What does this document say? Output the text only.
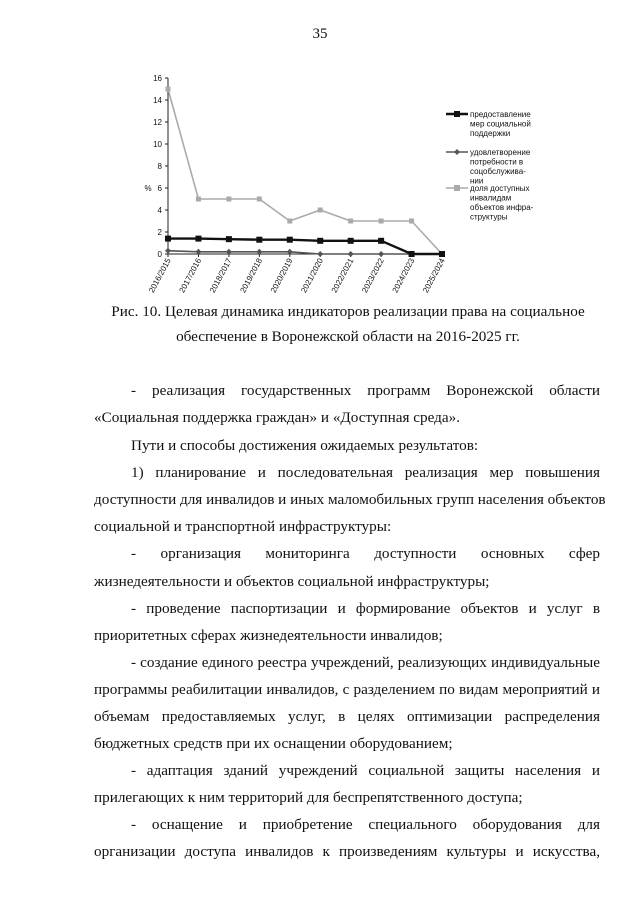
35
0
2
4
6
8
10
12
14
16
%
2016/2015 2017/2016 2018/2017 2019/2018 2020/2019 2021/2020 2022/2021 2023/2022 2024/2023 2025/2024
предоставление
мер социальной
поддержки
удовлетворение
потребности в
соцобслужива-
нии
доля доступных
инвалидам
объектов инфра-
структуры
Рис. 10. Целевая динамика индикаторов реализации права на социальное
обеспечение в Воронежской области на 2016-2025 гг.
- реализация государственных программ Воронежской области
«Социальная поддержка граждан» и «Доступная среда».
Пути и способы достижения ожидаемых результатов:
1) планирование и последовательная реализация мер повышения
доступности для инвалидов и иных маломобильных групп населения объектов
социальной и транспортной инфраструктуры:
- организация мониторинга доступности основных сфер
жизнедеятельности и объектов социальной инфраструктуры;
- проведение паспортизации и формирование объектов и услуг в
приоритетных сферах жизнедеятельности инвалидов;
- создание единого реестра учреждений, реализующих индивидуальные
программы реабилитации инвалидов, с разделением по видам мероприятий и
объемам предоставляемых услуг, в целях оптимизации распределения
бюджетных средств при их оснащении оборудованием;
- адаптация зданий учреждений социальной защиты населения и
прилегающих к ним территорий для беспрепятственного доступа;
- оснащение и приобретение специального оборудования для
организации доступа инвалидов к произведениям культуры и искусства,
